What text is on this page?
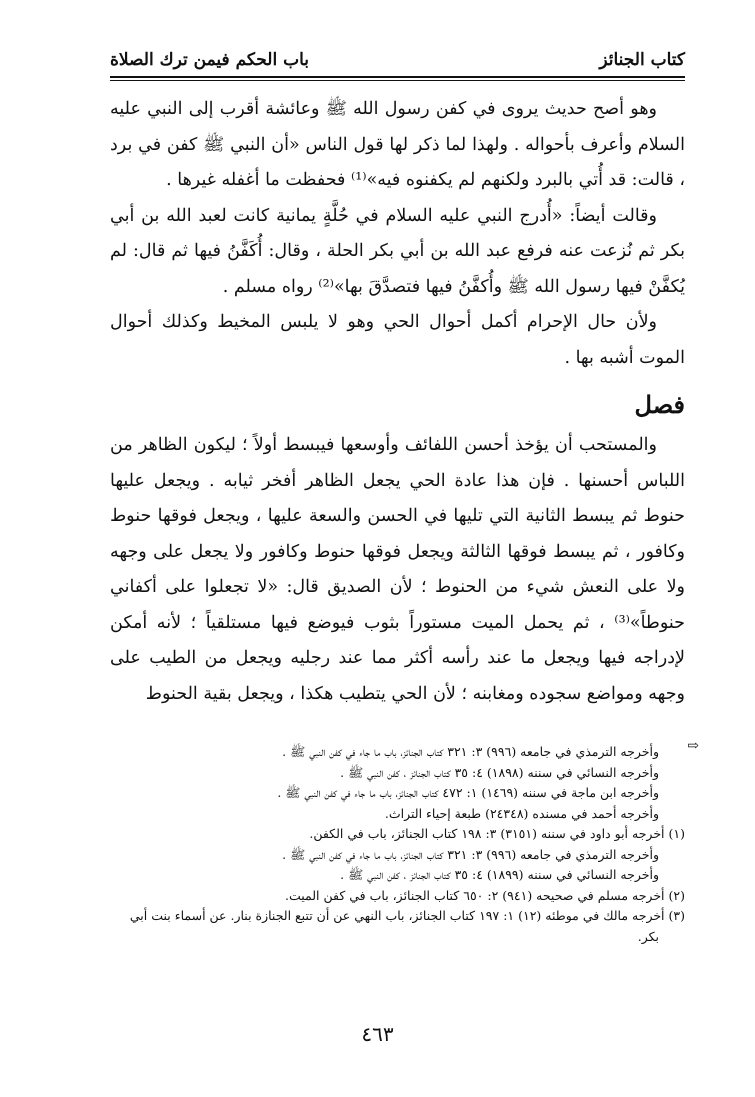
كتاب الجنائز
باب الحكم فيمن ترك الصلاة

وهو أصح حديث يروى في كفن رسول الله ﷺ وعائشة أقرب إلى النبي عليه السلام وأعرف بأحواله . ولهذا لما ذكر لها قول الناس «أن النبي ﷺ كفن في برد ، قالت: قد أُتي بالبرد ولكنهم لم يكفنوه فيه»⁽¹⁾ فحفظت ما أغفله غيرها .

وقالت أيضاً: «أُدرج النبي عليه السلام في حُلَّةٍ يمانية كانت لعبد الله بن أبي بكر ثم نُزعت عنه فرفع عبد الله بن أبي بكر الحلة ، وقال: أُكَفَّنُ فيها ثم قال: لم يُكفَّنْ فيها رسول الله ﷺ وأُكفَّنُ فيها فتصدَّقَ بها»⁽²⁾ رواه مسلم .

ولأن حال الإحرام أكمل أحوال الحي وهو لا يلبس المخيط وكذلك أحوال الموت أشبه بها .

فصل

والمستحب أن يؤخذ أحسن اللفائف وأوسعها فيبسط أولاً ؛ ليكون الظاهر من اللباس أحسنها . فإن هذا عادة الحي يجعل الظاهر أفخر ثيابه . ويجعل عليها حنوط ثم يبسط الثانية التي تليها في الحسن والسعة عليها ، ويجعل فوقها حنوط وكافور ، ثم يبسط فوقها الثالثة ويجعل فوقها حنوط وكافور ولا يجعل على وجهه ولا على النعش شيء من الحنوط ؛ لأن الصديق قال: «لا تجعلوا على أكفاني حنوطاً»⁽³⁾ ، ثم يحمل الميت مستوراً بثوب فيوضع فيها مستلقياً ؛ لأنه أمكن لإدراجه فيها ويجعل ما عند رأسه أكثر مما عند رجليه ويجعل من الطيب على وجهه ومواضع سجوده ومغابنه ؛ لأن الحي يتطيب هكذا ، ويجعل بقية الحنوط

⇨

وأخرجه الترمذي في جامعه (٩٩٦) ٣: ٣٢١ كتاب الجنائز، باب ما جاء في كفن النبي ﷺ .

وأخرجه النسائي في سننه (١٨٩٨) ٤: ٣٥ كتاب الجنائز ، كفن النبي ﷺ .

وأخرجه ابن ماجة في سننه (١٤٦٩) ١: ٤٧٢ كتاب الجنائز، باب ما جاء في كفن النبي ﷺ .

وأخرجه أحمد في مسنده (٢٤٣٤٨) طبعة إحياء التراث.

(١) أخرجه أبو داود في سننه (٣١٥١) ٣: ١٩٨ كتاب الجنائز، باب في الكفن.

وأخرجه الترمذي في جامعه (٩٩٦) ٣: ٣٢١ كتاب الجنائز، باب ما جاء في كفن النبي ﷺ .

وأخرجه النسائي في سننه (١٨٩٩) ٤: ٣٥ كتاب الجنائز ، كفن النبي ﷺ .

(٢) أخرجه مسلم في صحيحه (٩٤١) ٢: ٦٥٠ كتاب الجنائز، باب في كفن الميت.

(٣) أخرجه مالك في موطئه (١٢) ١: ١٩٧ كتاب الجنائز، باب النهي عن أن تتبع الجنازة بنار. عن أسماء بنت أبي بكر.

٤٦٣
